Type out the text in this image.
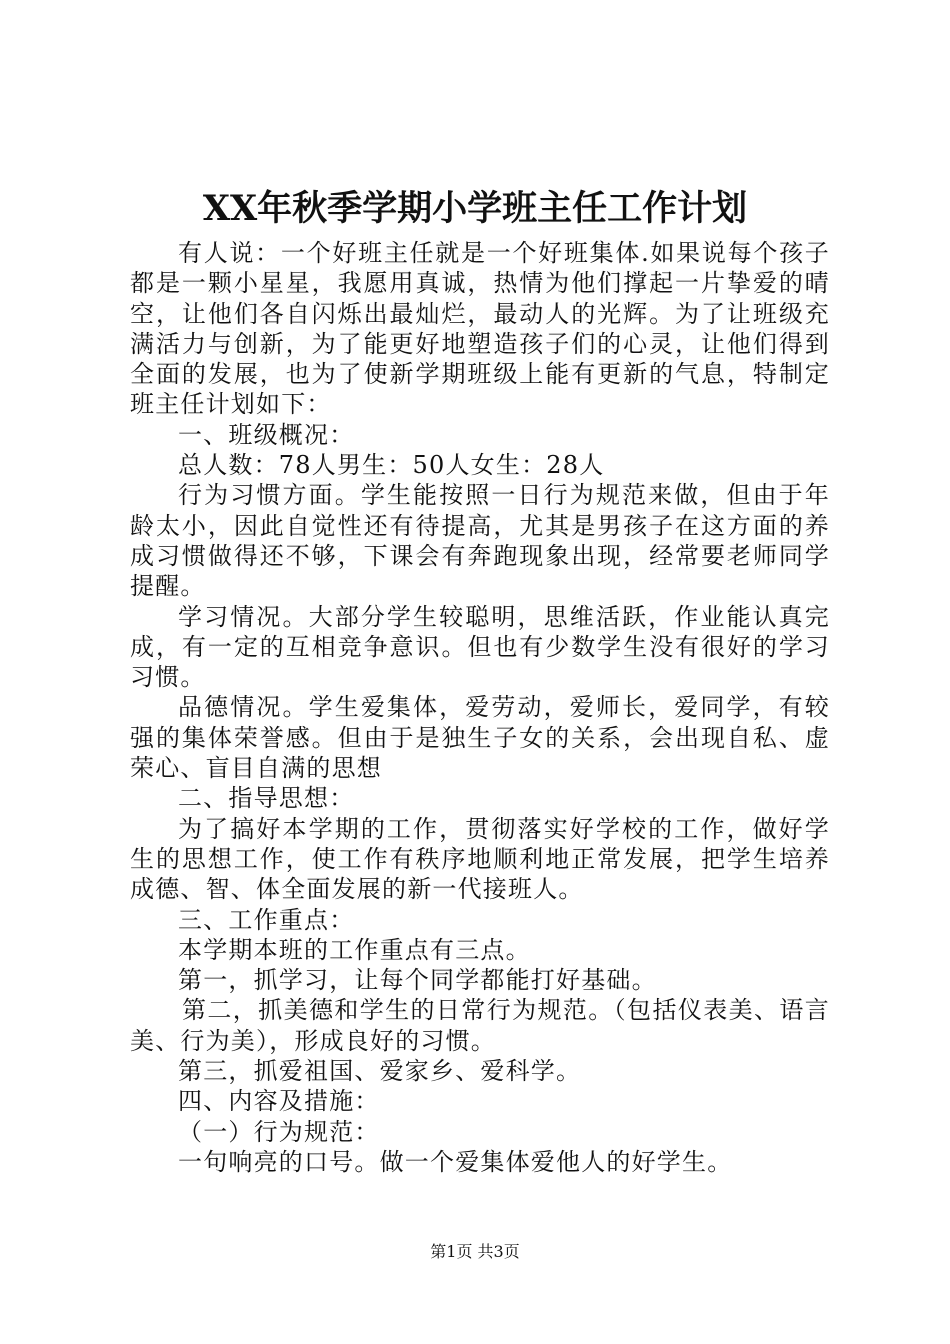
XX年秋季学期小学班主任工作计划

有人说：一个好班主任就是一个好班集体.如果说每个孩子都是一颗小星星，我愿用真诚，热情为他们撑起一片挚爱的晴空，让他们各自闪烁出最灿烂，最动人的光辉。为了让班级充满活力与创新，为了能更好地塑造孩子们的心灵，让他们得到全面的发展，也为了使新学期班级上能有更新的气息，特制定班主任计划如下：

一、班级概况：

总人数：78人男生：50人女生：28人

行为习惯方面。学生能按照一日行为规范来做，但由于年龄太小，因此自觉性还有待提高，尤其是男孩子在这方面的养成习惯做得还不够，下课会有奔跑现象出现，经常要老师同学提醒。

学习情况。大部分学生较聪明，思维活跃，作业能认真完成，有一定的互相竞争意识。但也有少数学生没有很好的学习习惯。

品德情况。学生爱集体，爱劳动，爱师长，爱同学，有较强的集体荣誉感。但由于是独生子女的关系，会出现自私、虚荣心、盲目自满的思想

二、指导思想：

为了搞好本学期的工作，贯彻落实好学校的工作，做好学生的思想工作，使工作有秩序地顺利地正常发展，把学生培养成德、智、体全面发展的新一代接班人。

三、工作重点：

本学期本班的工作重点有三点。

第一，抓学习，让每个同学都能打好基础。

第二，抓美德和学生的日常行为规范。（包括仪表美、语言美、行为美），形成良好的习惯。

第三，抓爱祖国、爱家乡、爱科学。

四、内容及措施：

（一）行为规范：

一句响亮的口号。做一个爱集体爱他人的好学生。

第1页 共3页
